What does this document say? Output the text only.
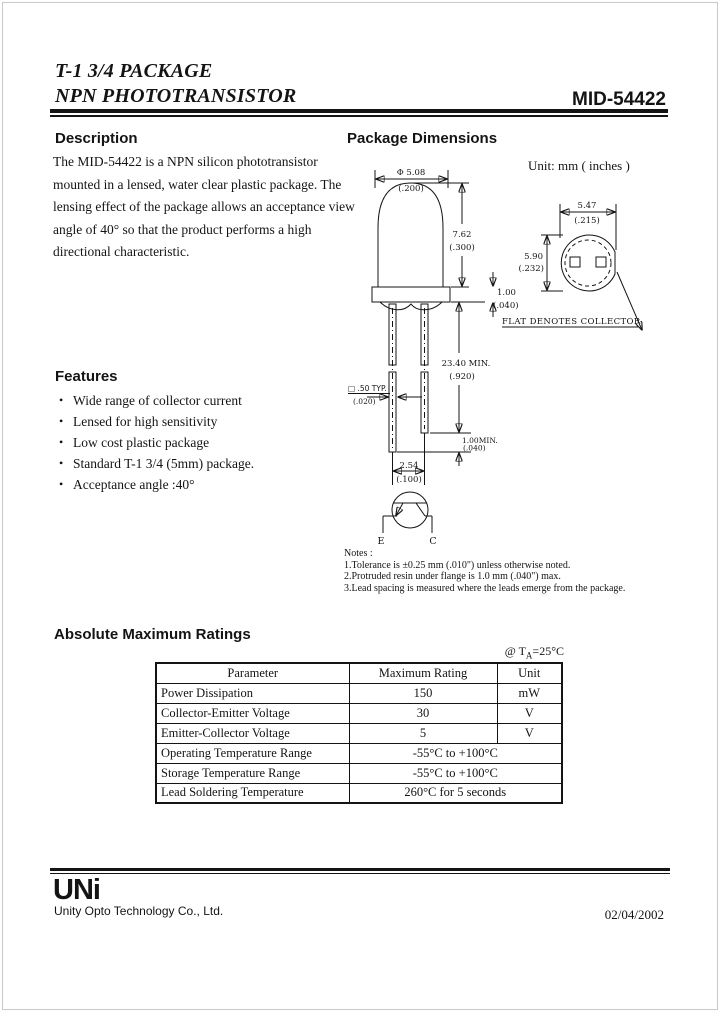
T-1 3/4 PACKAGE
NPN PHOTOTRANSISTOR	MID-54422
Description
The MID-54422 is a NPN silicon phototransistor mounted in a lensed, water clear plastic package. The lensing effect of the package allows an acceptance view angle of 40° so that the product performs a high directional characteristic.
Features
• Wide range of collector current
• Lensed for high sensitivity
• Low cost plastic package
• Standard T-1 3/4 (5mm) package.
• Acceptance angle :40°
Package Dimensions
Unit: mm ( inches )
Φ 5.08
(.200)
7.62
(.300)
1.00
(.040)
23.40 MIN.
(.920)
1.00MIN.
(.040)
□ .50 TYP.
(.020)
2.54
(.100)
E	C
5.47
(.215)
5.90
(.232)
FLAT DENOTES COLLECTOR
Notes :
1.Tolerance is ±0.25 mm (.010") unless otherwise noted.
2.Protruded resin under flange is 1.0 mm (.040") max.
3.Lead spacing is measured where the leads emerge from the package.
Absolute Maximum Ratings
@ $T_A=25^\circ C$
Parameter	Maximum Rating	Unit
Power Dissipation	150	mW
Collector-Emitter Voltage	30	V
Emitter-Collector Voltage	5	V
Operating Temperature Range	-55°C to +100°C	
Storage Temperature Range	-55°C to +100°C	
Lead Soldering Temperature	260°C for 5 seconds	
UNi
Unity Opto Technology Co., Ltd.	02/04/2002
